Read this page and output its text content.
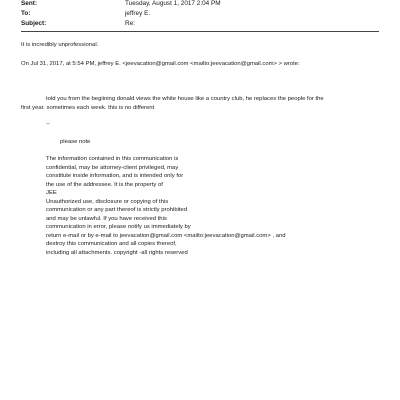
Sent:	Tuesday, August 1, 2017 2:04 PM
To:	jeffrey E.
Subject:	Re:
It is incredibly unprofessional.
On Jul 31, 2017, at 5:54 PM, jeffrey E. <jeevacation@gmail.com <mailto:jeevacation@gmail.com> > wrote:
told you from the begiining donald views the white house like a country club, he replaces the people for the
first year. sometimes each week. this is no different
--
please note
The information contained in this communication is
confidential, may be attorney-client privileged, may
constitute inside information, and is intended only for
the use of the addressee. It is the property of
JEE
Unauthorized use, disclosure or copying of this
communication or any part thereof is strictly prohibited
and may be unlawful. If you have received this
communication in error, please notify us immediately by
return e-mail or by e-mail to jeevacation@gmail.com <mailto:jeevacation@gmail.com> , and
destroy this communication and all copies thereof,
including all attachments. copyright -all rights reserved
